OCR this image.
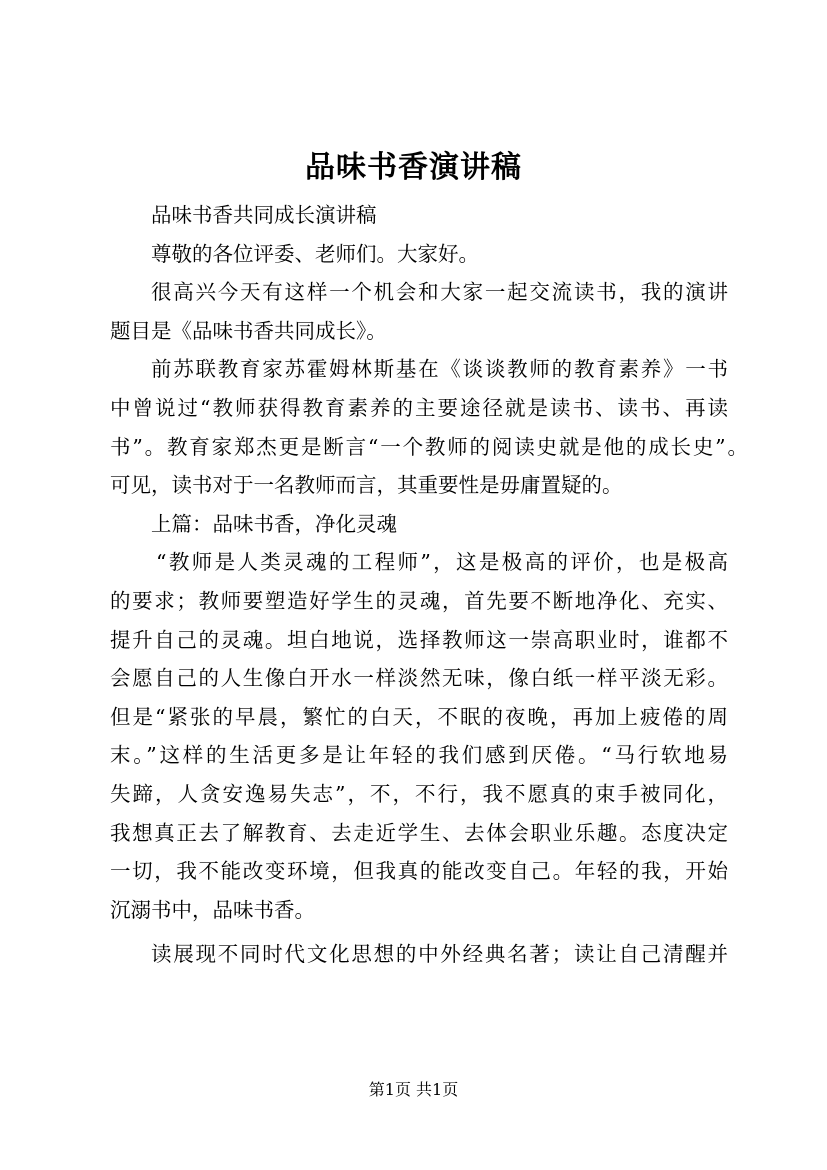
品味书香演讲稿
品味书香共同成长演讲稿
尊敬的各位评委、老师们。大家好。
很高兴今天有这样一个机会和大家一起交流读书，我的演讲
题目是《品味书香共同成长》。
前苏联教育家苏霍姆林斯基在《谈谈教师的教育素养》一书
中曾说过“教师获得教育素养的主要途径就是读书、读书、再读
书”。教育家郑杰更是断言“一个教师的阅读史就是他的成长史”。
可见，读书对于一名教师而言，其重要性是毋庸置疑的。
上篇：品味书香，净化灵魂
“教师是人类灵魂的工程师”，这是极高的评价，也是极高
的要求；教师要塑造好学生的灵魂，首先要不断地净化、充实、
提升自己的灵魂。坦白地说，选择教师这一崇高职业时，谁都不
会愿自己的人生像白开水一样淡然无味，像白纸一样平淡无彩。
但是“紧张的早晨，繁忙的白天，不眠的夜晚，再加上疲倦的周
末。”这样的生活更多是让年轻的我们感到厌倦。“马行软地易
失蹄，人贪安逸易失志”，不，不行，我不愿真的束手被同化，
我想真正去了解教育、去走近学生、去体会职业乐趣。态度决定
一切，我不能改变环境，但我真的能改变自己。年轻的我，开始
沉溺书中，品味书香。
读展现不同时代文化思想的中外经典名著；读让自己清醒并
第1页 共1页
